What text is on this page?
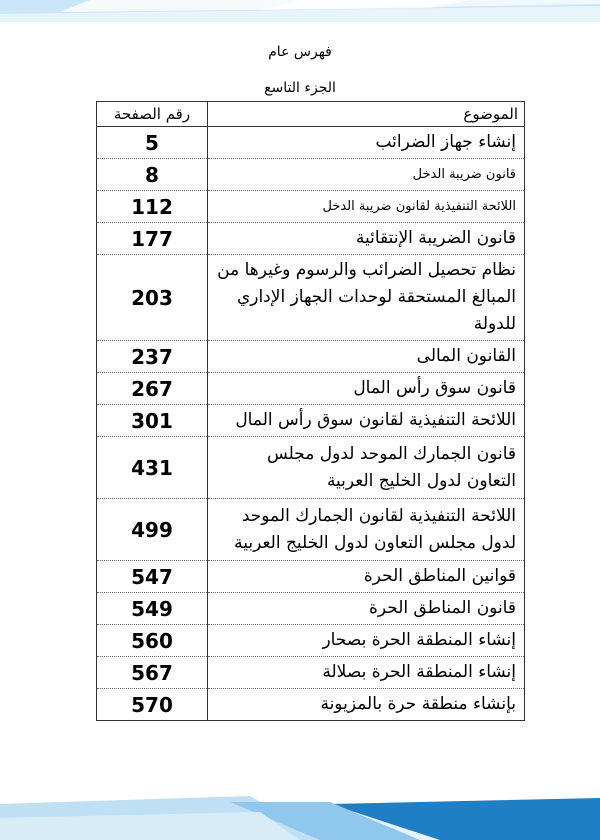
فهرس عام
الجزء التاسع
الموضوع	رقم الصفحة
إنشاء جهاز الضرائب	5
قانون ضريبة الدخل	8
اللائحة التنفيذية لقانون ضريبة الدخل	112
قانون الضريبة الإنتقائية	177
نظام تحصيل الضرائب والرسوم وغيرها من المبالغ المستحقة لوحدات الجهاز الإداري للدولة	203
القانون المالى	237
قانون سوق رأس المال	267
اللائحة التنفيذية لقانون سوق رأس المال	301
قانون الجمارك الموحد لدول مجلس التعاون لدول الخليج العربية	431
اللائحة التنفيذية لقانون الجمارك الموحد لدول مجلس التعاون لدول الخليج العربية	499
قوانين المناطق الحرة	547
قانون المناطق الحرة	549
إنشاء المنطقة الحرة بصحار	560
إنشاء المنطقة الحرة بصلالة	567
بإنشاء منطقة حرة بالمزيونة	570
